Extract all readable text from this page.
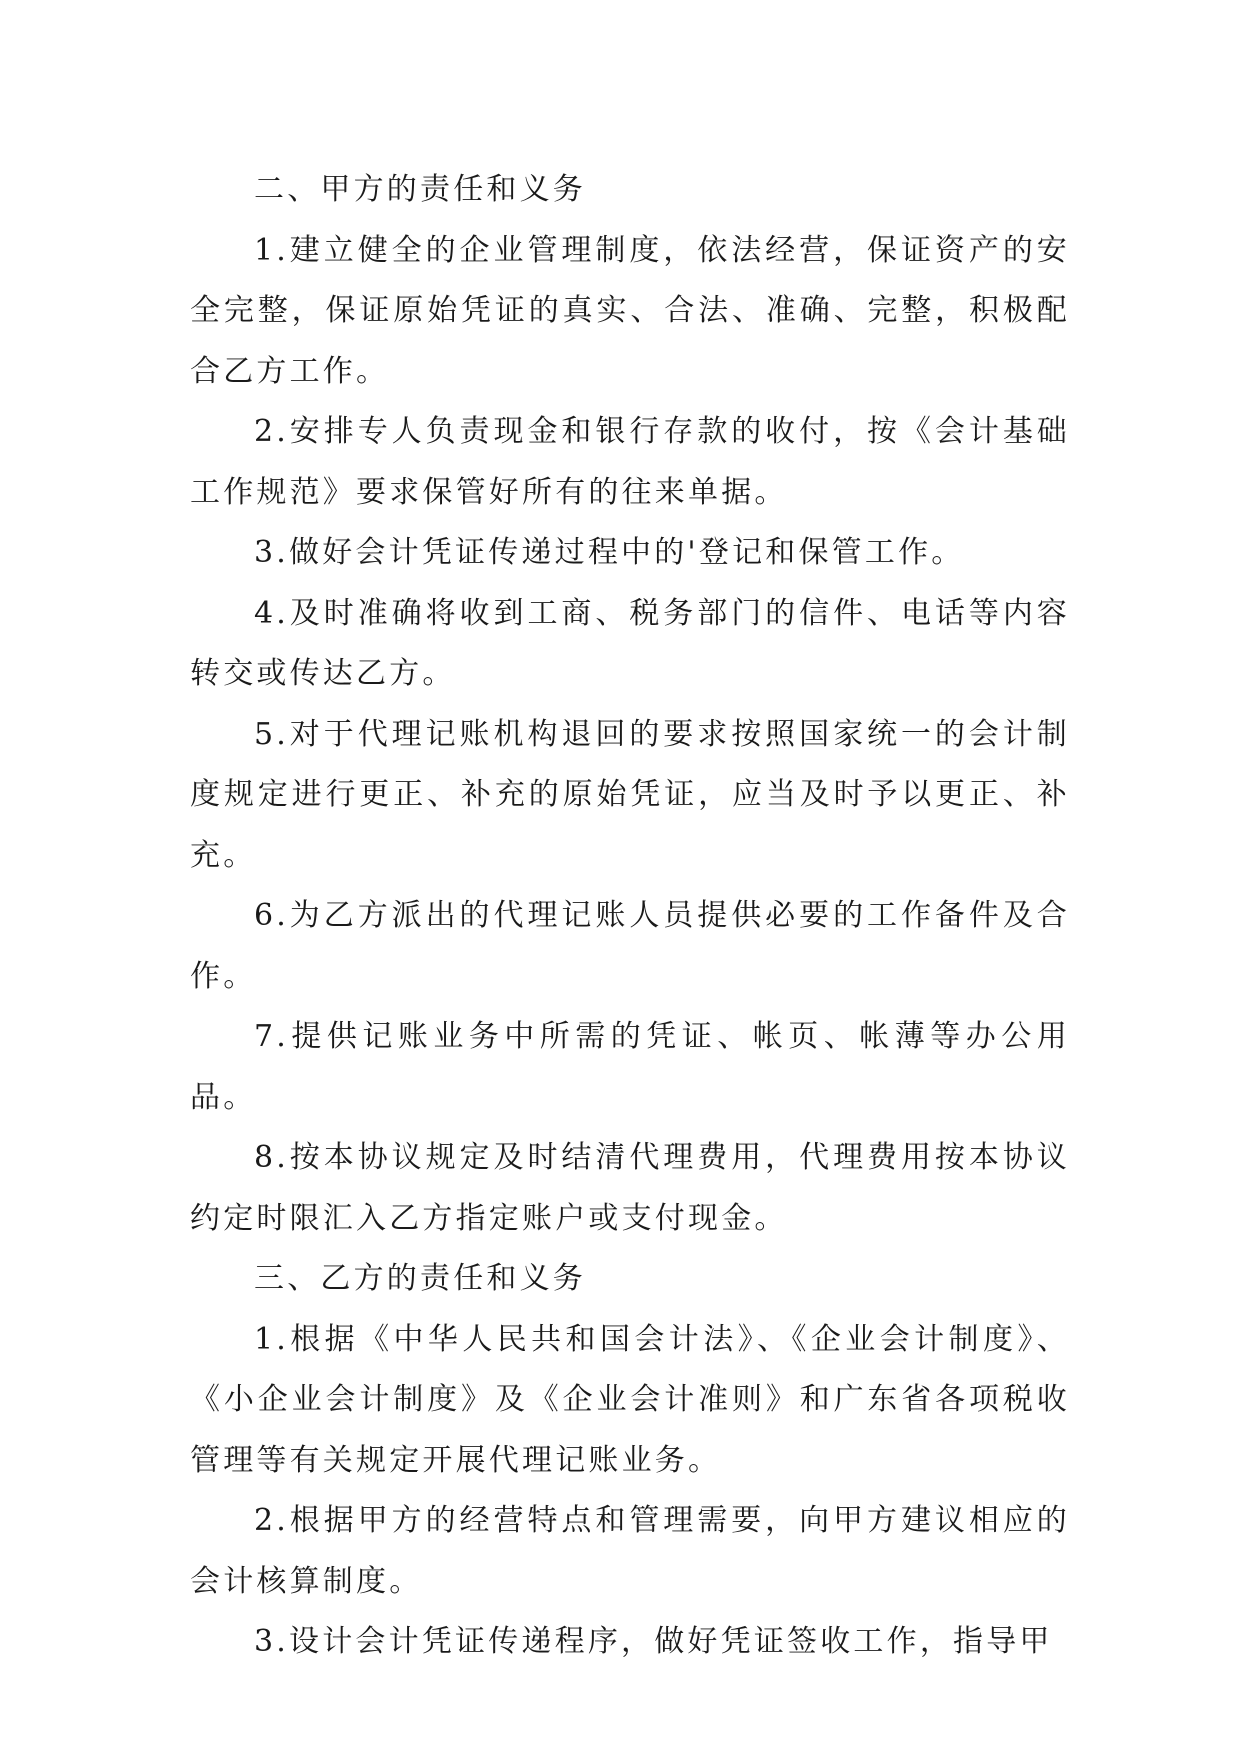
二、甲方的责任和义务

1.建立健全的企业管理制度，依法经营，保证资产的安全完整，保证原始凭证的真实、合法、准确、完整，积极配合乙方工作。

2.安排专人负责现金和银行存款的收付，按《会计基础工作规范》要求保管好所有的往来单据。

3.做好会计凭证传递过程中的'登记和保管工作。

4.及时准确将收到工商、税务部门的信件、电话等内容转交或传达乙方。

5.对于代理记账机构退回的要求按照国家统一的会计制度规定进行更正、补充的原始凭证，应当及时予以更正、补充。

6.为乙方派出的代理记账人员提供必要的工作备件及合作。

7.提供记账业务中所需的凭证、帐页、帐薄等办公用品。

8.按本协议规定及时结清代理费用，代理费用按本协议约定时限汇入乙方指定账户或支付现金。

三、乙方的责任和义务

1.根据《中华人民共和国会计法》、《企业会计制度》、《小企业会计制度》及《企业会计准则》和广东省各项税收管理等有关规定开展代理记账业务。

2.根据甲方的经营特点和管理需要，向甲方建议相应的会计核算制度。

3.设计会计凭证传递程序，做好凭证签收工作，指导甲
